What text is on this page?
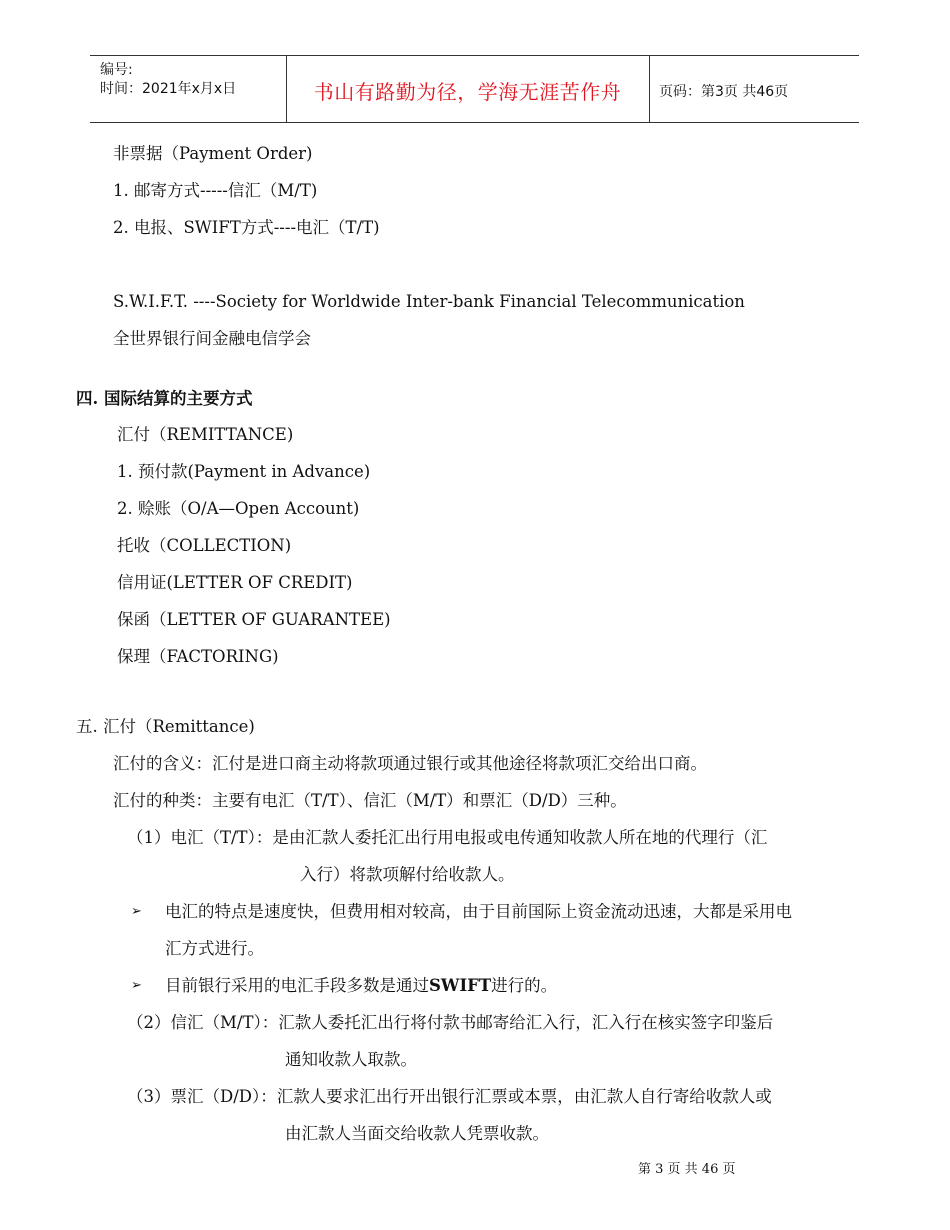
编号:
时间：2021年x月x日	书山有路勤为径，学海无涯苦作舟	页码：第3页 共46页
非票据（Payment Order)
1. 邮寄方式-----信汇（M/T)
2. 电报、SWIFT方式----电汇（T/T)
S.W.I.F.T. ----Society for Worldwide Inter-bank Financial Telecommunication
全世界银行间金融电信学会
四. 国际结算的主要方式
汇付（REMITTANCE)
1. 预付款(Payment in Advance)
2. 赊账（O/A—Open Account)
托收（COLLECTION)
信用证(LETTER OF CREDIT)
保函（LETTER OF GUARANTEE)
保理（FACTORING)
五. 汇付（Remittance)
汇付的含义：汇付是进口商主动将款项通过银行或其他途径将款项汇交给出口商。
汇付的种类：主要有电汇（T/T）、信汇（M/T）和票汇（D/D）三种。
（1）电汇（T/T）：是由汇款人委托汇出行用电报或电传通知收款人所在地的代理行（汇
入行）将款项解付给收款人。
➢ 电汇的特点是速度快，但费用相对较高，由于目前国际上资金流动迅速，大都是采用电
汇方式进行。
➢ 目前银行采用的电汇手段多数是通过SWIFT进行的。
（2）信汇（M/T）：汇款人委托汇出行将付款书邮寄给汇入行，汇入行在核实签字印鉴后
通知收款人取款。
（3）票汇（D/D）：汇款人要求汇出行开出银行汇票或本票，由汇款人自行寄给收款人或
由汇款人当面交给收款人凭票收款。
第 3 页 共 46 页
